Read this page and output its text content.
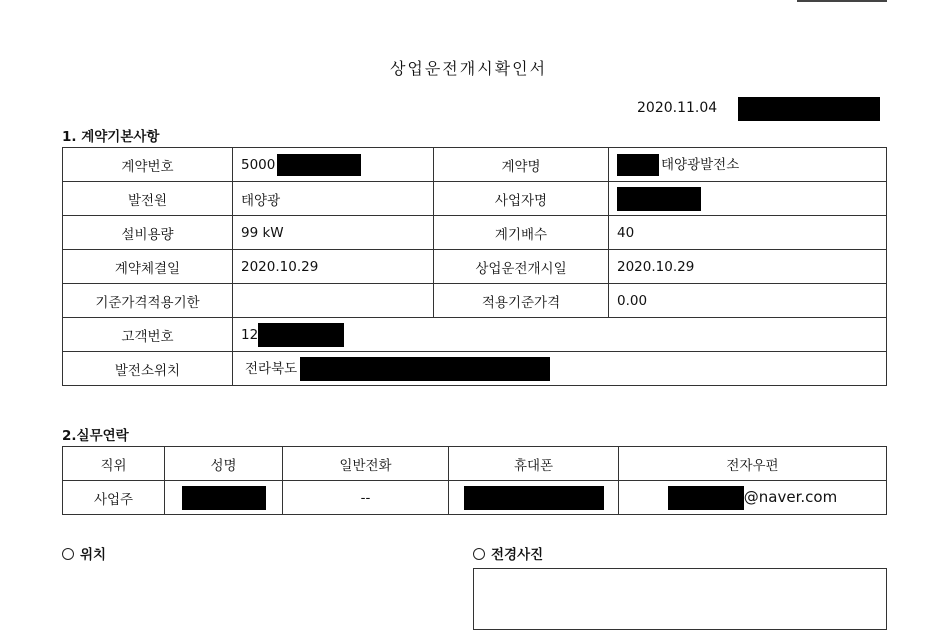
상업운전개시확인서
2020.11.04
1. 계약기본사항
계약번호	5000	계약명	태양광발전소
발전원	태양광	사업자명	
설비용량	99 kW	계기배수	40
계약체결일	2020.10.29	상업운전개시일	2020.10.29
기준가격적용기한		적용기준가격	0.00
고객번호	12		
발전소위치	전라북도		
2.실무연락
직위	성명	일반전화	휴대폰	전자우편
사업주		--		@naver.com
위치	전경사진
